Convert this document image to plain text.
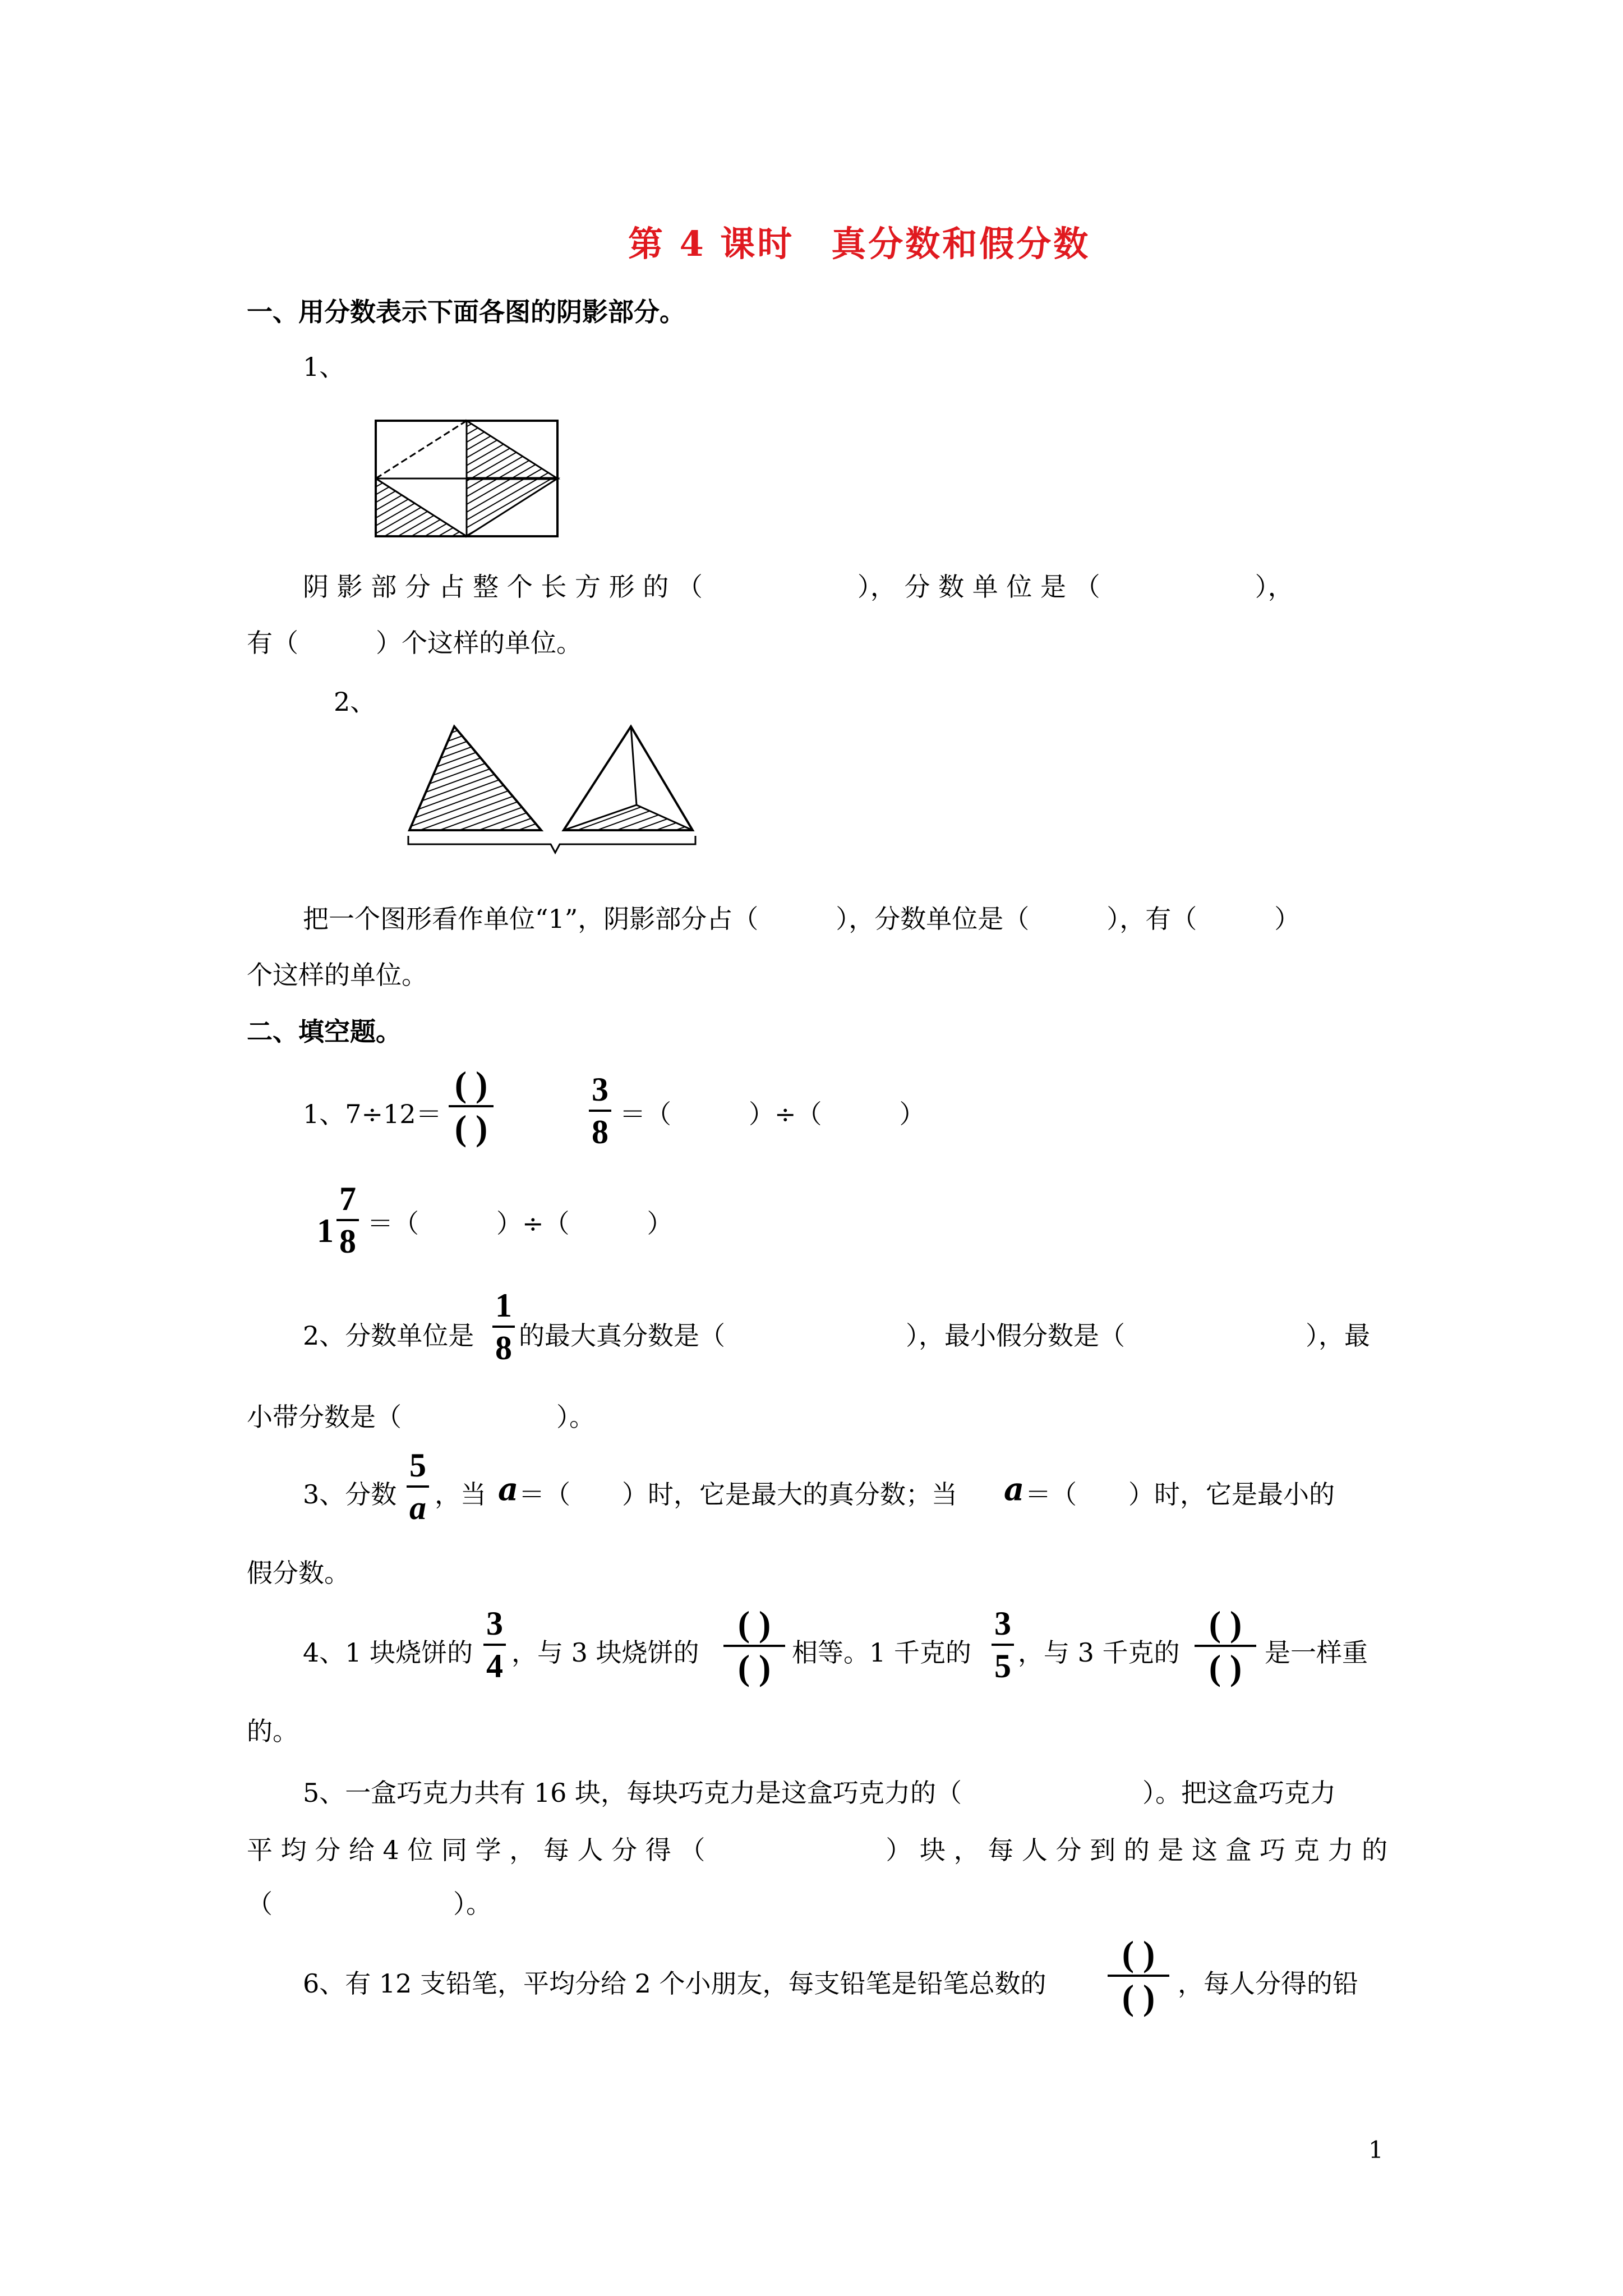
第 4 课时　真分数和假分数
一、用分数表示下面各图的阴影部分。
1、
阴 影 部 分 占 整 个 长 方 形 的 （　　　　　　）， 分 数 单 位 是 （　　　　　　），
有（　　　）个这样的单位。
2、
把一个图形看作单位“1”，阴影部分占（　　　），分数单位是（　　　），有（　　　）
个这样的单位。
二、填空题。
1、7÷12＝
( )
( )
3
8 ＝（　　　）÷（　　　）
1
7
8 ＝（　　　）÷（　　　）
2、分数单位是
1
8 的最大真分数是（　　　　　　　），最小假分数是（　　　　　　　），最
小带分数是（　　　　　　）。
3、分数
5
a ，当 a ＝（　　）时，它是最大的真分数；当 a ＝（　　）时，它是最小的
假分数。
4、1 块烧饼的
3
4 ，与 3 块烧饼的
( )
( ) 相等。1 千克的
3
5 ，与 3 千克的
( )
( ) 是一样重
的。
5、一盒巧克力共有 16 块，每块巧克力是这盒巧克力的（　　　　　　　）。把这盒巧克力
平 均 分 给 4 位 同 学 ， 每 人 分 得 （　　　　　　　） 块 ， 每 人 分 到 的 是 这 盒 巧 克 力 的
（　　　　　　　）。
6、有 12 支铅笔，平均分给 2 个小朋友，每支铅笔是铅笔总数的
( )
( ) ，每人分得的铅
1
